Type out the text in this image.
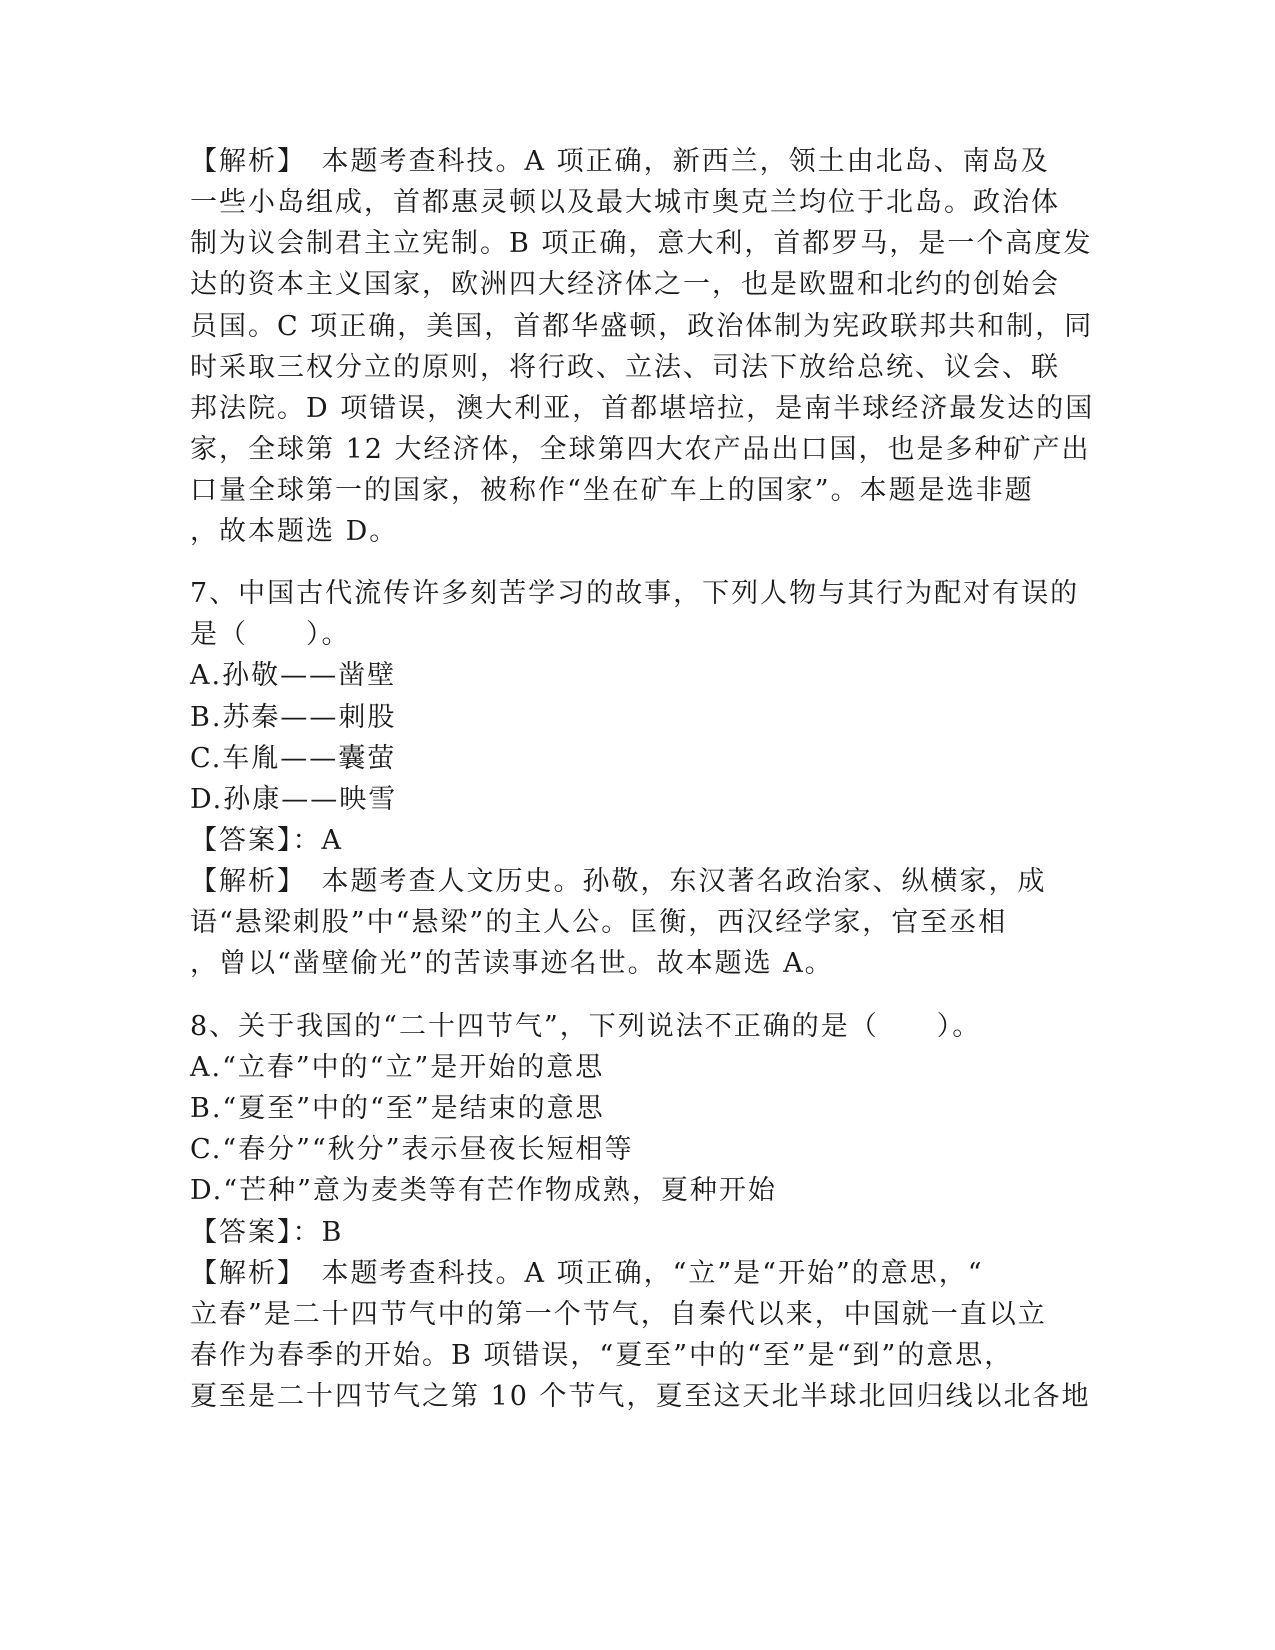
【解析】　本题考查科技。A 项正确，新西兰，领土由北岛、南岛及
一些小岛组成，首都惠灵顿以及最大城市奥克兰均位于北岛。政治体
制为议会制君主立宪制。B 项正确，意大利，首都罗马，是一个高度发
达的资本主义国家，欧洲四大经济体之一，也是欧盟和北约的创始会
员国。C 项正确，美国，首都华盛顿，政治体制为宪政联邦共和制，同
时采取三权分立的原则，将行政、立法、司法下放给总统、议会、联
邦法院。D 项错误，澳大利亚，首都堪培拉，是南半球经济最发达的国
家，全球第 12 大经济体，全球第四大农产品出口国，也是多种矿产出
口量全球第一的国家，被称作“坐在矿车上的国家”。本题是选非题
，故本题选 D。
7、中国古代流传许多刻苦学习的故事，下列人物与其行为配对有误的
是（　　）。
A.孙敬——凿壁
B.苏秦——刺股
C.车胤——囊萤
D.孙康——映雪
【答案】：A
【解析】　本题考查人文历史。孙敬，东汉著名政治家、纵横家，成
语“悬梁刺股”中“悬梁”的主人公。匡衡，西汉经学家，官至丞相
，曾以“凿壁偷光”的苦读事迹名世。故本题选 A。
8、关于我国的“二十四节气”，下列说法不正确的是（　　）。
A.“立春”中的“立”是开始的意思
B.“夏至”中的“至”是结束的意思
C.“春分”“秋分”表示昼夜长短相等
D.“芒种”意为麦类等有芒作物成熟，夏种开始
【答案】：B
【解析】　本题考查科技。A 项正确，“立”是“开始”的意思，“
立春”是二十四节气中的第一个节气，自秦代以来，中国就一直以立
春作为春季的开始。B 项错误，“夏至”中的“至”是“到”的意思，
夏至是二十四节气之第 10 个节气，夏至这天北半球北回归线以北各地
